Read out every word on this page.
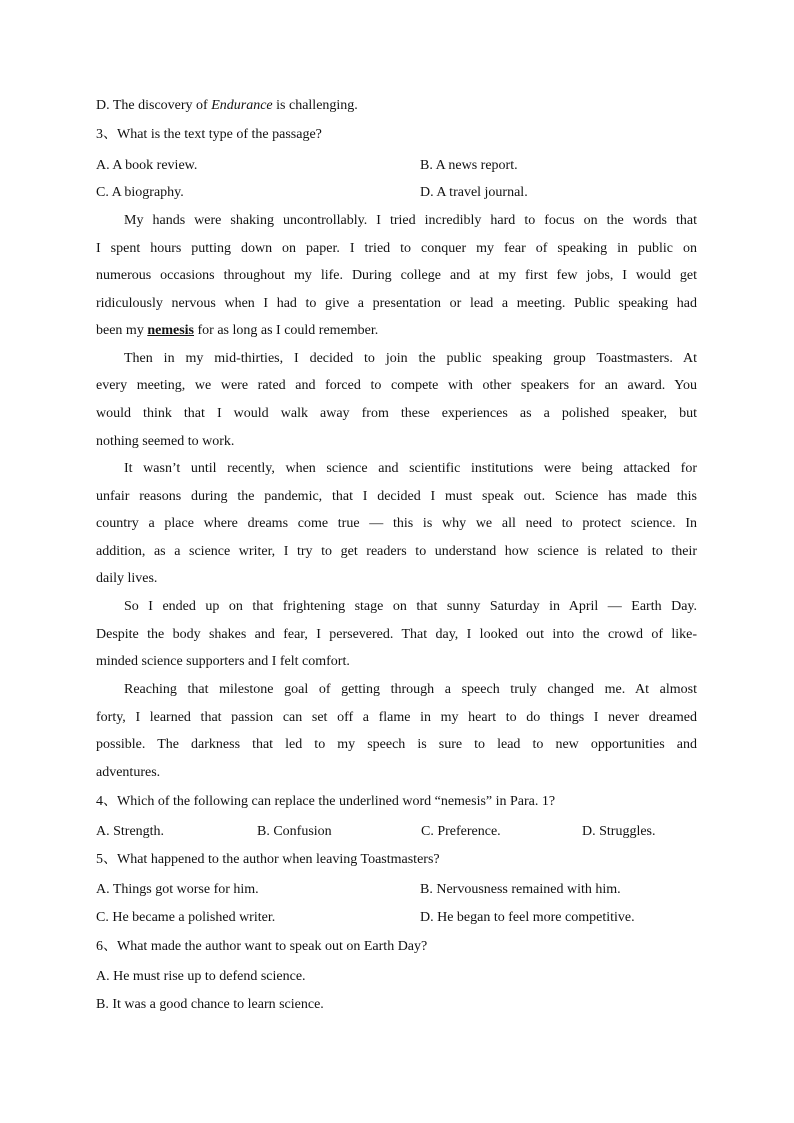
D. The discovery of Endurance is challenging.
3、What is the text type of the passage?
A. A book review.	B. A news report.
C. A biography.	D. A travel journal.
My hands were shaking uncontrollably. I tried incredibly hard to focus on the words that
I spent hours putting down on paper. I tried to conquer my fear of speaking in public on
numerous occasions throughout my life. During college and at my first few jobs, I would get
ridiculously nervous when I had to give a presentation or lead a meeting. Public speaking had
been my nemesis for as long as I could remember.
Then in my mid-thirties, I decided to join the public speaking group Toastmasters. At
every meeting, we were rated and forced to compete with other speakers for an award. You
would think that I would walk away from these experiences as a polished speaker, but
nothing seemed to work.
It wasn’t until recently, when science and scientific institutions were being attacked for
unfair reasons during the pandemic, that I decided I must speak out. Science has made this
country a place where dreams come true — this is why we all need to protect science. In
addition, as a science writer, I try to get readers to understand how science is related to their
daily lives.
So I ended up on that frightening stage on that sunny Saturday in April — Earth Day.
Despite the body shakes and fear, I persevered. That day, I looked out into the crowd of like-
minded science supporters and I felt comfort.
Reaching that milestone goal of getting through a speech truly changed me. At almost
forty, I learned that passion can set off a flame in my heart to do things I never dreamed
possible. The darkness that led to my speech is sure to lead to new opportunities and
adventures.
4、Which of the following can replace the underlined word “nemesis” in Para. 1?
A. Strength.	B. Confusion	C. Preference.	D. Struggles.
5、What happened to the author when leaving Toastmasters?
A. Things got worse for him.	B. Nervousness remained with him.
C. He became a polished writer.	D. He began to feel more competitive.
6、What made the author want to speak out on Earth Day?
A. He must rise up to defend science.
B. It was a good chance to learn science.
